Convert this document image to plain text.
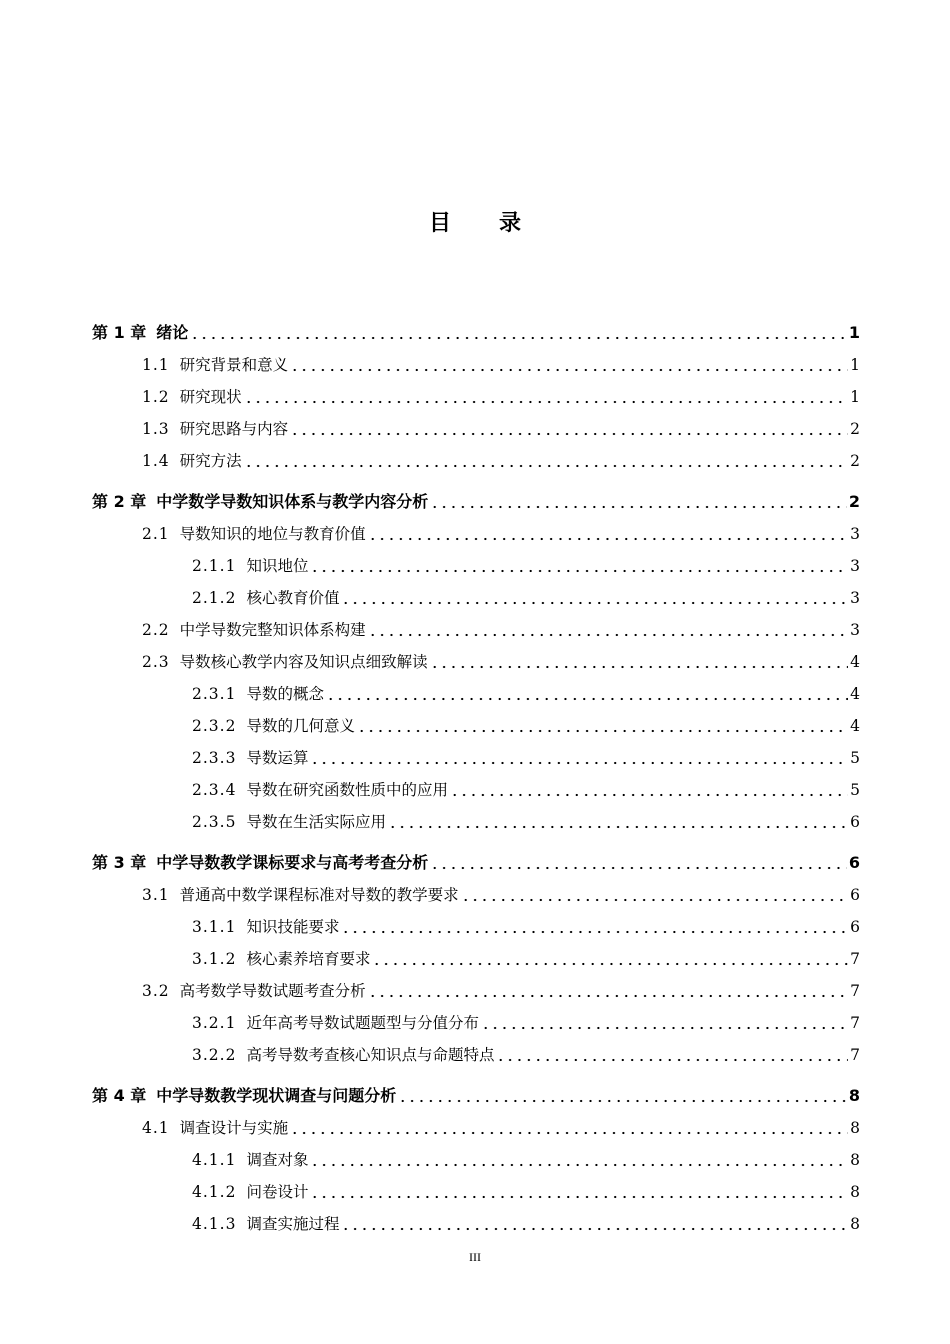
目录
第 1 章 绪论	1
1.1 研究背景和意义	1
1.2 研究现状	1
1.3 研究思路与内容	2
1.4 研究方法	2
第 2 章 中学数学导数知识体系与教学内容分析	2
2.1 导数知识的地位与教育价值	3
2.1.1 知识地位	3
2.1.2 核心教育价值	3
2.2 中学导数完整知识体系构建	3
2.3 导数核心教学内容及知识点细致解读	4
2.3.1 导数的概念	4
2.3.2 导数的几何意义	4
2.3.3 导数运算	5
2.3.4 导数在研究函数性质中的应用	5
2.3.5 导数在生活实际应用	6
第 3 章 中学导数教学课标要求与高考考查分析	6
3.1 普通高中数学课程标准对导数的教学要求	6
3.1.1 知识技能要求	6
3.1.2 核心素养培育要求	7
3.2 高考数学导数试题考查分析	7
3.2.1 近年高考导数试题题型与分值分布	7
3.2.2 高考导数考查核心知识点与命题特点	7
第 4 章 中学导数教学现状调查与问题分析	8
4.1 调查设计与实施	8
4.1.1 调查对象	8
4.1.2 问卷设计	8
4.1.3 调查实施过程	8
III
